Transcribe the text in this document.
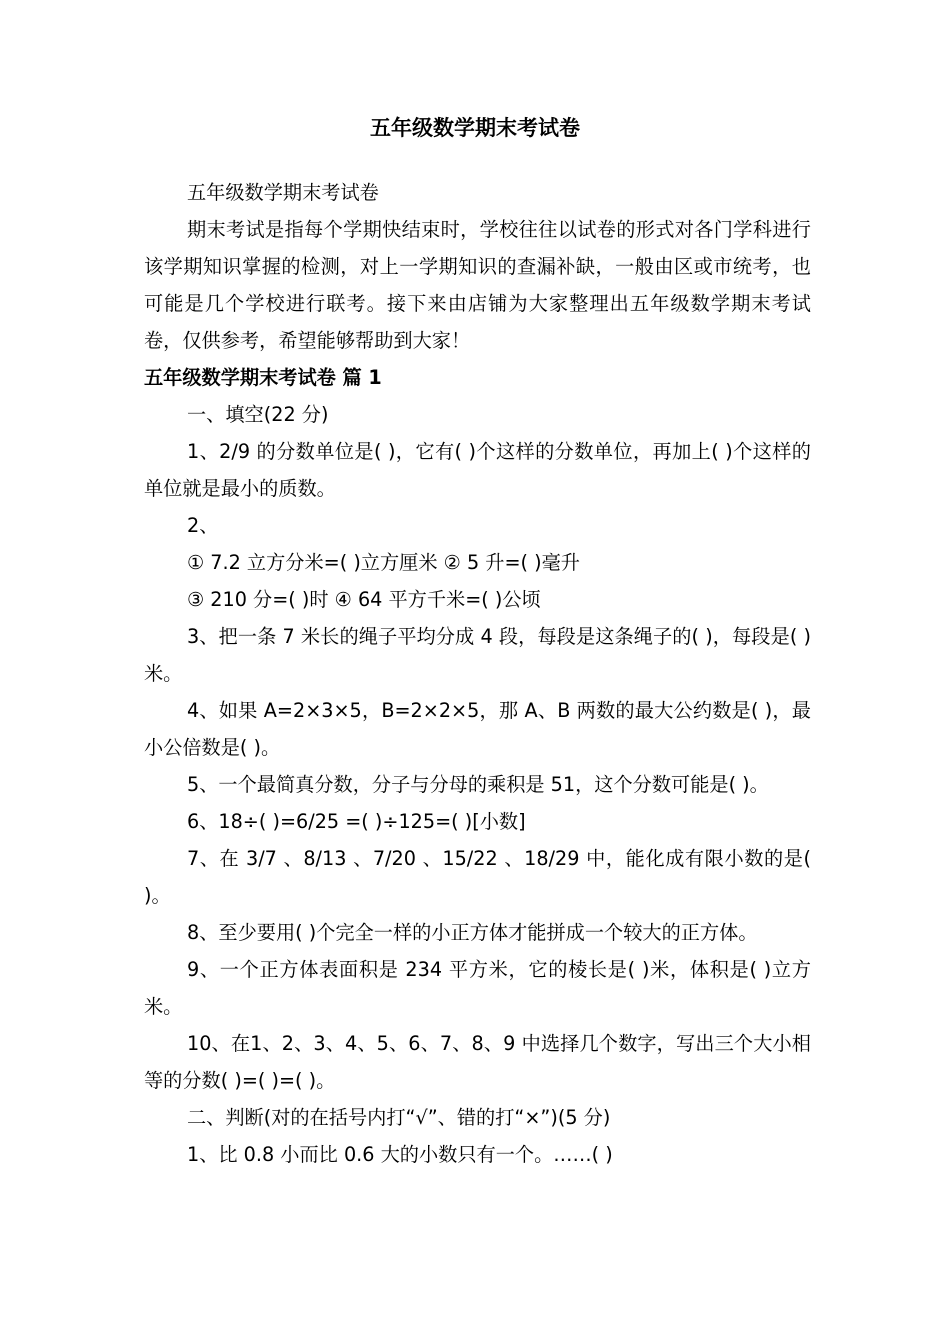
五年级数学期末考试卷

五年级数学期末考试卷

期末考试是指每个学期快结束时，学校往往以试卷的形式对各门学科进行该学期知识掌握的检测，对上一学期知识的查漏补缺，一般由区或市统考，也可能是几个学校进行联考。接下来由店铺为大家整理出五年级数学期末考试卷，仅供参考，希望能够帮助到大家！

五年级数学期末考试卷 篇 1

一、填空(22 分)

1、2/9 的分数单位是( )，它有( )个这样的分数单位，再加上( )个这样的单位就是最小的质数。

2、

① 7.2 立方分米=( )立方厘米 ② 5 升=( )毫升

③ 210 分=( )时 ④ 64 平方千米=( )公顷

3、把一条 7 米长的绳子平均分成 4 段，每段是这条绳子的( )，每段是( )米。

4、如果 A=2×3×5，B=2×2×5，那 A、B 两数的最大公约数是( )，最小公倍数是( )。

5、一个最简真分数，分子与分母的乘积是 51，这个分数可能是( )。

6、18÷( )=6/25 =( )÷125=( )[小数]

7、在 3/7 、8/13 、7/20 、15/22 、18/29 中，能化成有限小数的是( )。

8、至少要用( )个完全一样的小正方体才能拼成一个较大的正方体。

9、一个正方体表面积是 234 平方米，它的棱长是( )米，体积是( )立方米。

10、在1、2、3、4、5、6、7、8、9 中选择几个数字，写出三个大小相等的分数( )=( )=( )。

二、判断(对的在括号内打“√”、错的打“×”)(5 分)

1、比 0.8 小而比 0.6 大的小数只有一个。……( )
